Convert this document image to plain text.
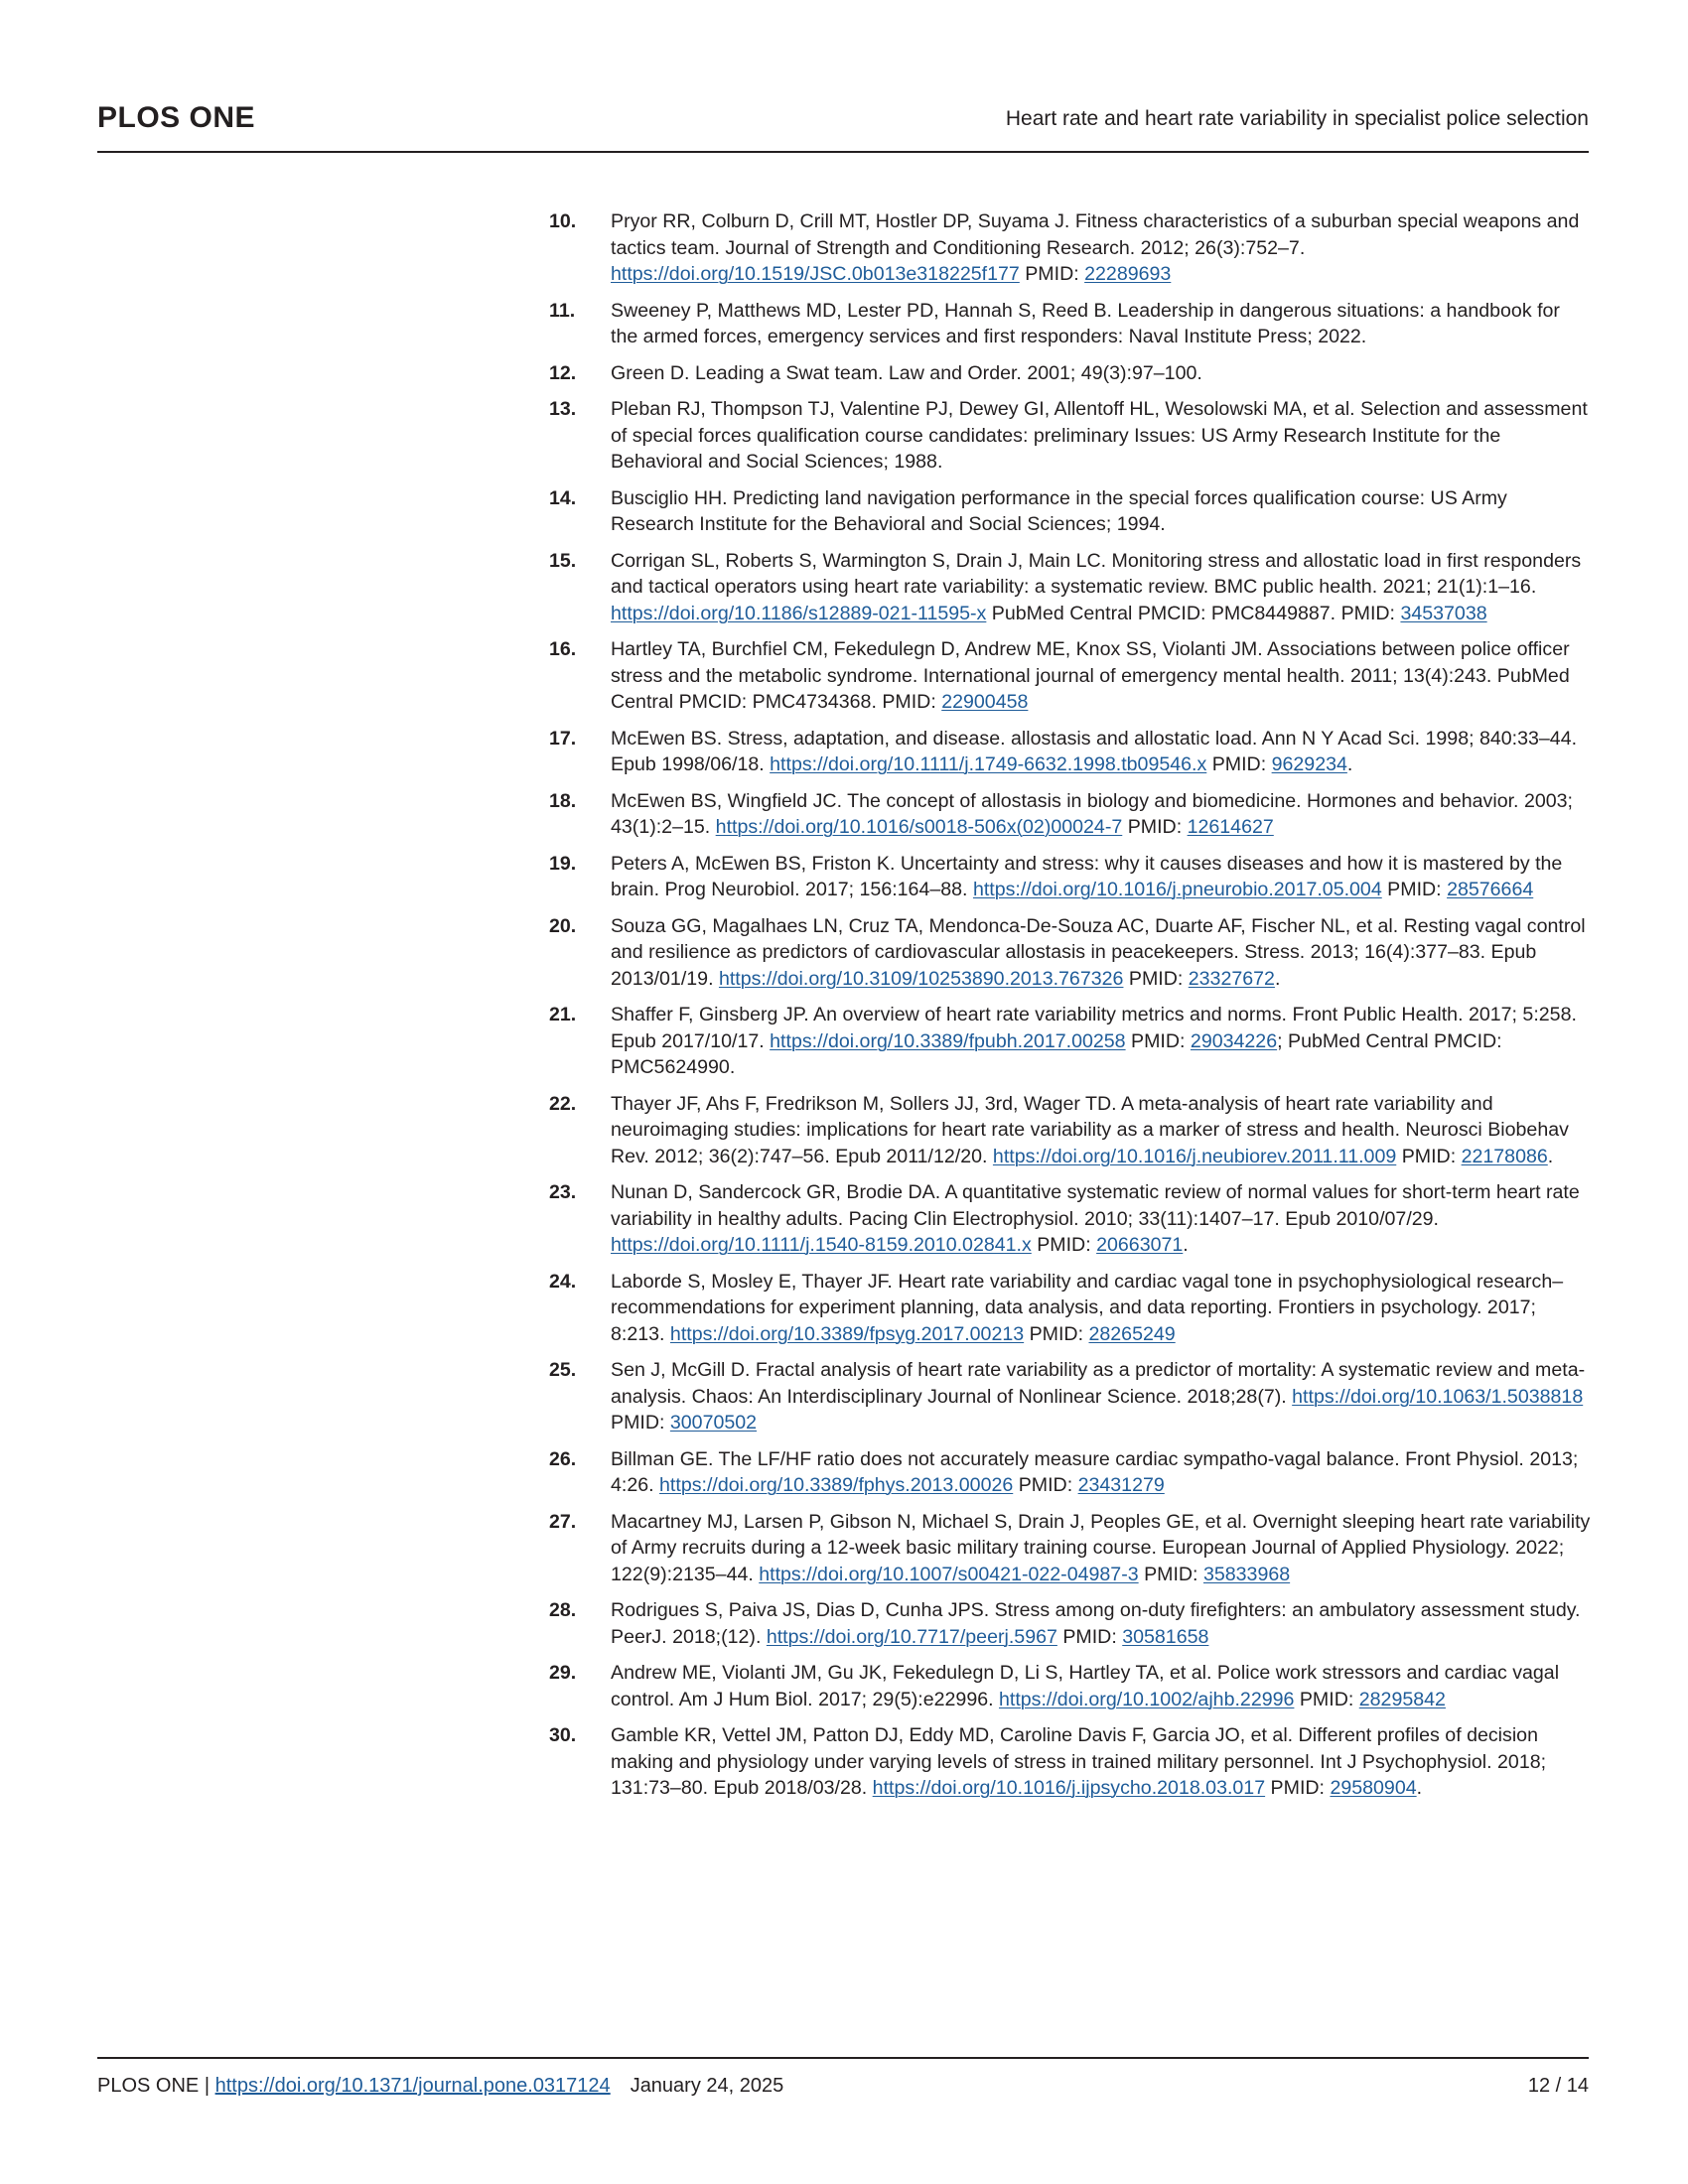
PLOS ONE	Heart rate and heart rate variability in specialist police selection
10.	Pryor RR, Colburn D, Crill MT, Hostler DP, Suyama J. Fitness characteristics of a suburban special weapons and tactics team. Journal of Strength and Conditioning Research. 2012; 26(3):752–7. https://doi.org/10.1519/JSC.0b013e318225f177 PMID: 22289693
11.	Sweeney P, Matthews MD, Lester PD, Hannah S, Reed B. Leadership in dangerous situations: a handbook for the armed forces, emergency services and first responders: Naval Institute Press; 2022.
12.	Green D. Leading a Swat team. Law and Order. 2001; 49(3):97–100.
13.	Pleban RJ, Thompson TJ, Valentine PJ, Dewey GI, Allentoff HL, Wesolowski MA, et al. Selection and assessment of special forces qualification course candidates: preliminary Issues: US Army Research Institute for the Behavioral and Social Sciences; 1988.
14.	Busciglio HH. Predicting land navigation performance in the special forces qualification course: US Army Research Institute for the Behavioral and Social Sciences; 1994.
15.	Corrigan SL, Roberts S, Warmington S, Drain J, Main LC. Monitoring stress and allostatic load in first responders and tactical operators using heart rate variability: a systematic review. BMC public health. 2021; 21(1):1–16. https://doi.org/10.1186/s12889-021-11595-x PubMed Central PMCID: PMC8449887. PMID: 34537038
16.	Hartley TA, Burchfiel CM, Fekedulegn D, Andrew ME, Knox SS, Violanti JM. Associations between police officer stress and the metabolic syndrome. International journal of emergency mental health. 2011; 13(4):243. PubMed Central PMCID: PMC4734368. PMID: 22900458
17.	McEwen BS. Stress, adaptation, and disease. allostasis and allostatic load. Ann N Y Acad Sci. 1998; 840:33–44. Epub 1998/06/18. https://doi.org/10.1111/j.1749-6632.1998.tb09546.x PMID: 9629234.
18.	McEwen BS, Wingfield JC. The concept of allostasis in biology and biomedicine. Hormones and behavior. 2003; 43(1):2–15. https://doi.org/10.1016/s0018-506x(02)00024-7 PMID: 12614627
19.	Peters A, McEwen BS, Friston K. Uncertainty and stress: why it causes diseases and how it is mastered by the brain. Prog Neurobiol. 2017; 156:164–88. https://doi.org/10.1016/j.pneurobio.2017.05.004 PMID: 28576664
20.	Souza GG, Magalhaes LN, Cruz TA, Mendonca-De-Souza AC, Duarte AF, Fischer NL, et al. Resting vagal control and resilience as predictors of cardiovascular allostasis in peacekeepers. Stress. 2013; 16(4):377–83. Epub 2013/01/19. https://doi.org/10.3109/10253890.2013.767326 PMID: 23327672.
21.	Shaffer F, Ginsberg JP. An overview of heart rate variability metrics and norms. Front Public Health. 2017; 5:258. Epub 2017/10/17. https://doi.org/10.3389/fpubh.2017.00258 PMID: 29034226; PubMed Central PMCID: PMC5624990.
22.	Thayer JF, Ahs F, Fredrikson M, Sollers JJ, 3rd, Wager TD. A meta-analysis of heart rate variability and neuroimaging studies: implications for heart rate variability as a marker of stress and health. Neurosci Biobehav Rev. 2012; 36(2):747–56. Epub 2011/12/20. https://doi.org/10.1016/j.neubiorev.2011.11.009 PMID: 22178086.
23.	Nunan D, Sandercock GR, Brodie DA. A quantitative systematic review of normal values for short-term heart rate variability in healthy adults. Pacing Clin Electrophysiol. 2010; 33(11):1407–17. Epub 2010/07/29. https://doi.org/10.1111/j.1540-8159.2010.02841.x PMID: 20663071.
24.	Laborde S, Mosley E, Thayer JF. Heart rate variability and cardiac vagal tone in psychophysiological research–recommendations for experiment planning, data analysis, and data reporting. Frontiers in psychology. 2017; 8:213. https://doi.org/10.3389/fpsyg.2017.00213 PMID: 28265249
25.	Sen J, McGill D. Fractal analysis of heart rate variability as a predictor of mortality: A systematic review and meta-analysis. Chaos: An Interdisciplinary Journal of Nonlinear Science. 2018;28(7). https://doi.org/10.1063/1.5038818 PMID: 30070502
26.	Billman GE. The LF/HF ratio does not accurately measure cardiac sympatho-vagal balance. Front Physiol. 2013; 4:26. https://doi.org/10.3389/fphys.2013.00026 PMID: 23431279
27.	Macartney MJ, Larsen P, Gibson N, Michael S, Drain J, Peoples GE, et al. Overnight sleeping heart rate variability of Army recruits during a 12-week basic military training course. European Journal of Applied Physiology. 2022; 122(9):2135–44. https://doi.org/10.1007/s00421-022-04987-3 PMID: 35833968
28.	Rodrigues S, Paiva JS, Dias D, Cunha JPS. Stress among on-duty firefighters: an ambulatory assessment study. PeerJ. 2018;(12). https://doi.org/10.7717/peerj.5967 PMID: 30581658
29.	Andrew ME, Violanti JM, Gu JK, Fekedulegn D, Li S, Hartley TA, et al. Police work stressors and cardiac vagal control. Am J Hum Biol. 2017; 29(5):e22996. https://doi.org/10.1002/ajhb.22996 PMID: 28295842
30.	Gamble KR, Vettel JM, Patton DJ, Eddy MD, Caroline Davis F, Garcia JO, et al. Different profiles of decision making and physiology under varying levels of stress in trained military personnel. Int J Psychophysiol. 2018; 131:73–80. Epub 2018/03/28. https://doi.org/10.1016/j.ijpsycho.2018.03.017 PMID: 29580904.
PLOS ONE | https://doi.org/10.1371/journal.pone.0317124 January 24, 2025	12 / 14
